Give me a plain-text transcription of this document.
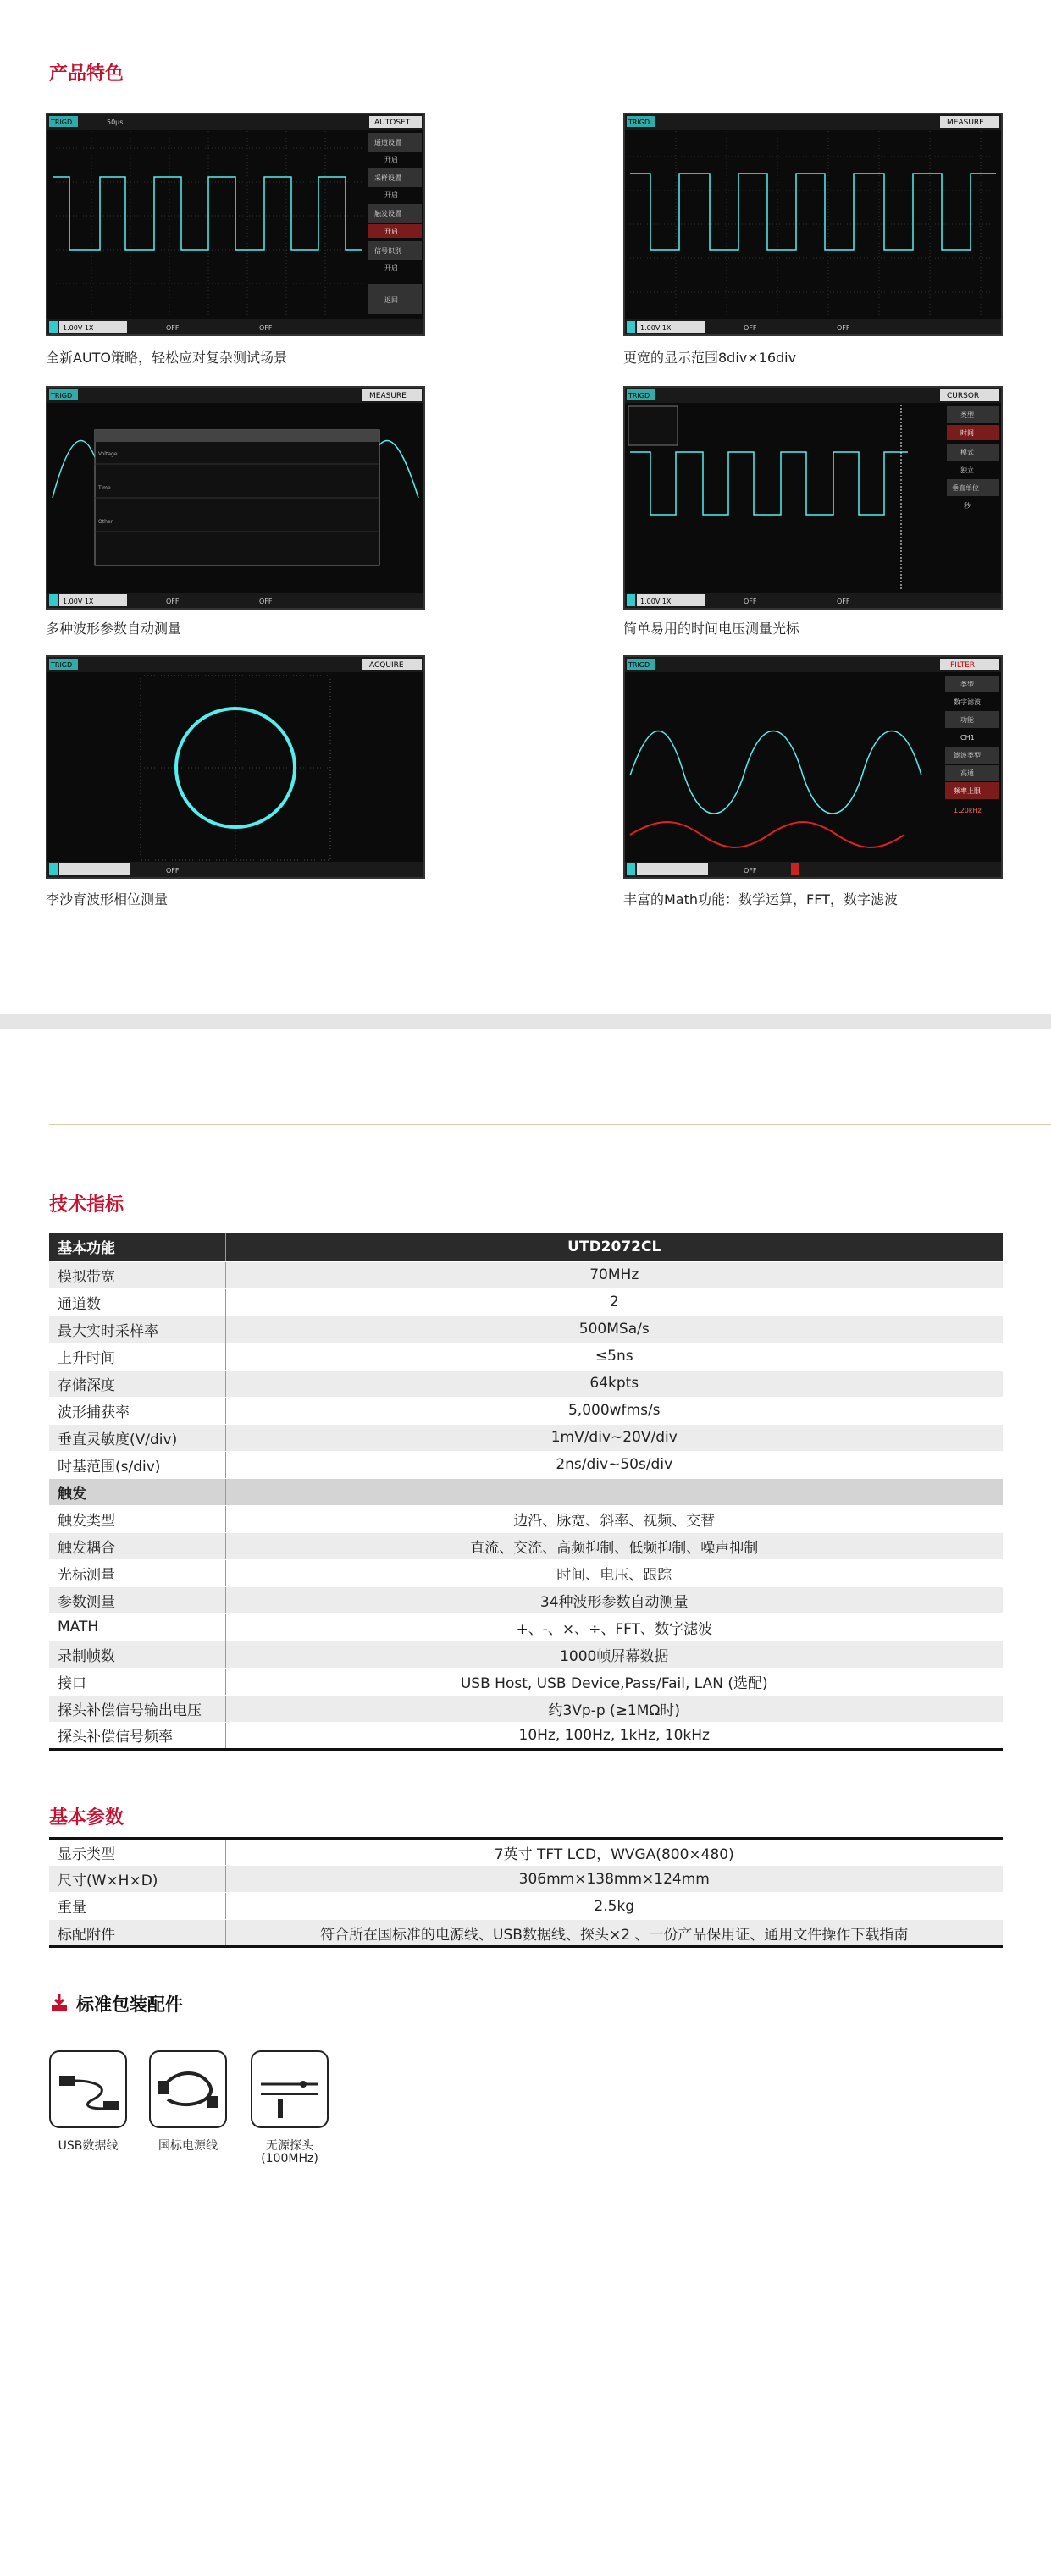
产品特色
TRIGD	50μs	AUTOSET
通道设置
开启
采样设置
开启
触发设置
开启
信号识别
开启
返回
1.00V 1X	OFF	OFF
全新AUTO策略，轻松应对复杂测试场景
TRIGD	MEASURE
1.00V 1X	OFF	OFF
更宽的显示范围8div×16div
TRIGD	MEASURE
Voltage
Time
Other
1.00V 1X	OFF	OFF
多种波形参数自动测量
TRIGD	CURSOR
类型
时间
模式
独立
垂直单位
秒
1.00V 1X	OFF	OFF
简单易用的时间电压测量光标
TRIGD	ACQUIRE
OFF
李沙育波形相位测量
TRIGD	FILTER
类型
数字滤波
功能
CH1
滤波类型
高通
频率上限
1.20kHz
OFF
丰富的Math功能：数学运算，FFT，数字滤波
技术指标
基本功能	UTD2072CL
模拟带宽	70MHz
通道数	2
最大实时采样率	500MSa/s
上升时间	≤5ns
存储深度	64kpts
波形捕获率	5,000wfms/s
垂直灵敏度(V/div)	1mV/div~20V/div
时基范围(s/div)	2ns/div~50s/div
触发	
触发类型	边沿、脉宽、斜率、视频、交替
触发耦合	直流、交流、高频抑制、低频抑制、噪声抑制
光标测量	时间、电压、跟踪
参数测量	34种波形参数自动测量
MATH	+、-、×、÷、FFT、数字滤波
录制帧数	1000帧屏幕数据
接口	USB Host, USB Device,Pass/Fail, LAN (选配)
探头补偿信号输出电压	约3Vp-p (≥1MΩ时)
探头补偿信号频率	10Hz, 100Hz, 1kHz, 10kHz
基本参数
显示类型	7英寸 TFT LCD，WVGA(800×480)
尺寸(W×H×D)	306mm×138mm×124mm
重量	2.5kg
标配附件	符合所在国标准的电源线、USB数据线、探头×2 、一份产品保用证、通用文件操作下载指南
标准包装配件
USB数据线	国标电源线	无源探头
(100MHz)
